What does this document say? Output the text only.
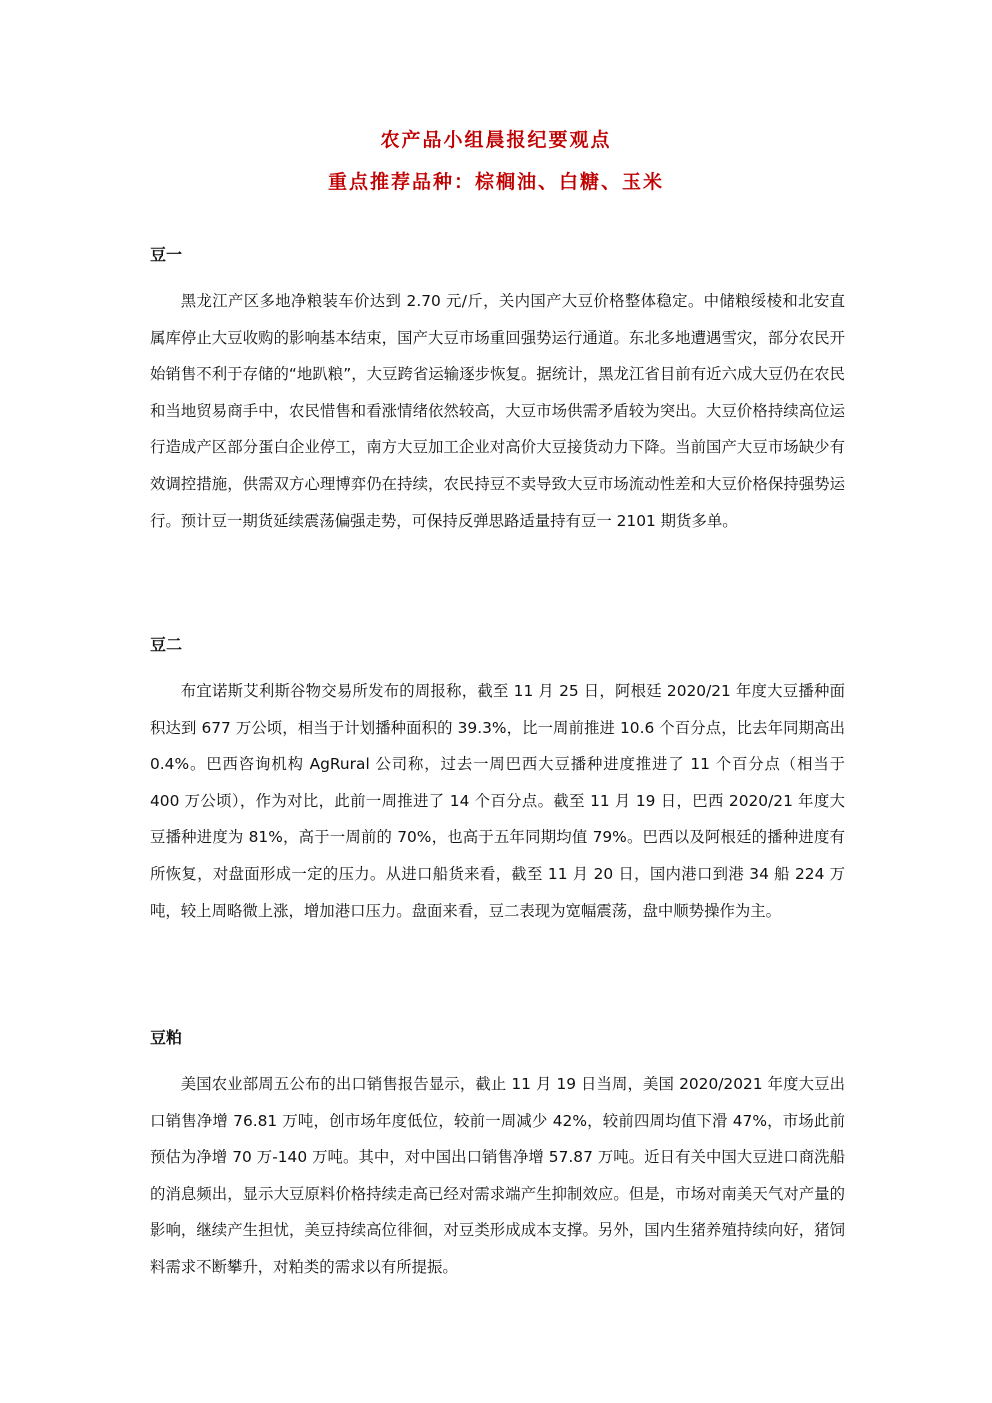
农产品小组晨报纪要观点
重点推荐品种：棕榈油、白糖、玉米
豆一

黑龙江产区多地净粮装车价达到 2.70 元/斤，关内国产大豆价格整体稳定。中储粮绥棱和北安直属库停止大豆收购的影响基本结束，国产大豆市场重回强势运行通道。东北多地遭遇雪灾，部分农民开始销售不利于存储的“地趴粮”，大豆跨省运输逐步恢复。据统计，黑龙江省目前有近六成大豆仍在农民和当地贸易商手中，农民惜售和看涨情绪依然较高，大豆市场供需矛盾较为突出。大豆价格持续高位运行造成产区部分蛋白企业停工，南方大豆加工企业对高价大豆接货动力下降。当前国产大豆市场缺少有效调控措施，供需双方心理博弈仍在持续，农民持豆不卖导致大豆市场流动性差和大豆价格保持强势运行。预计豆一期货延续震荡偏强走势，可保持反弹思路适量持有豆一 2101 期货多单。

豆二

布宜诺斯艾利斯谷物交易所发布的周报称，截至 11 月 25 日，阿根廷 2020/21 年度大豆播种面积达到 677 万公顷，相当于计划播种面积的 39.3%，比一周前推进 10.6 个百分点，比去年同期高出 0.4%。巴西咨询机构 AgRural 公司称，过去一周巴西大豆播种进度推进了 11 个百分点（相当于 400 万公顷），作为对比，此前一周推进了 14 个百分点。截至 11 月 19 日，巴西 2020/21 年度大豆播种进度为 81%，高于一周前的 70%，也高于五年同期均值 79%。巴西以及阿根廷的播种进度有所恢复，对盘面形成一定的压力。从进口船货来看，截至 11 月 20 日，国内港口到港 34 船 224 万吨，较上周略微上涨，增加港口压力。盘面来看，豆二表现为宽幅震荡，盘中顺势操作为主。

豆粕

美国农业部周五公布的出口销售报告显示，截止 11 月 19 日当周，美国 2020/2021 年度大豆出口销售净增 76.81 万吨，创市场年度低位，较前一周减少 42%，较前四周均值下滑 47%，市场此前预估为净增 70 万-140 万吨。其中，对中国出口销售净增 57.87 万吨。近日有关中国大豆进口商洗船的消息频出，显示大豆原料价格持续走高已经对需求端产生抑制效应。但是，市场对南美天气对产量的影响，继续产生担忧，美豆持续高位徘徊，对豆类形成成本支撑。另外，国内生猪养殖持续向好，猪饲料需求不断攀升，对粕类的需求以有所提振。
